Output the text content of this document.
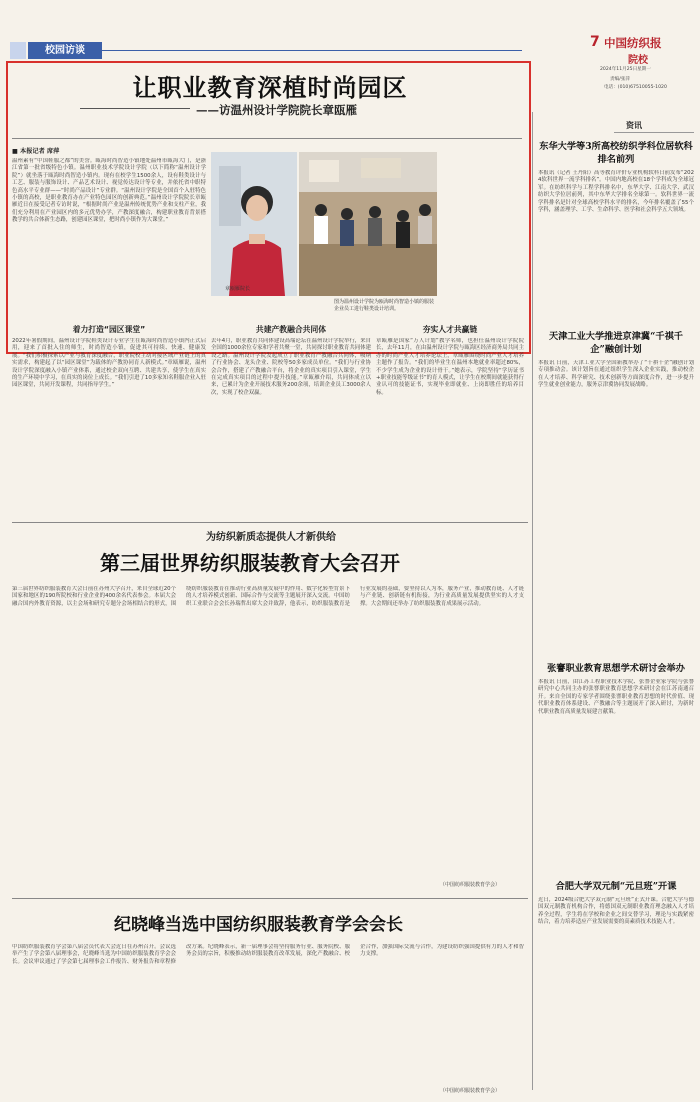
7 中国纺织报
院校
2024年11月25日星期一
责编/张萍
电话：(010)67510055-1020
校园访谈
让职业教育深植时尚园区
——访温州设计学院院长章瓯雁
■ 本报记者 席萍
温州素有“中国鞋服之都”的美誉。瓯海时尚智造小镇地处温州市瓯海大门，是浙江省第一批省级特色小镇。温州职业技术学院设计学院（以下简称“温州设计学院”）就坐落于瓯海时尚智造小镇内。现有在校学生1500余人，设有鞋类设计与工艺、服装与服饰设计、产品艺术设计、视觉传达设计等专业，并依托省中职特色高水平专业群——“时尚产品设计”专业群。“温州设计学院是全国首个入驻特色小镇的高校，是职业教育办在产业特色园区的创新典范。”温州设计学院院长章瓯雁近日在接受记者专访时说，“根据时尚产业是温州传统优势产业和支柱产业，我们充分利用在产业园区内的多元优势办学，产教深度融合，构建职业教育背景搭教学的共合体新生态路，创建园区课堂，把时尚小镇作为大课堂。”
章瓯雁院长
图为温州设计学院为瓯海时尚智造小镇的服装企业员工进行鞋类设计培训。
着力打造“园区课堂”
2022年暑假期间，温州设计学院鞋类设计专业学生在瓯海时尚智造小镇内正式启用，迎来了首批入住的师生，时尚智造小镇，促进其可持续、快速、健康发展。“我们积极探索以产业与教育深度融合，职业院校主动对接区域产业链上的真实需求，构建起了以“园区课堂”为载体的产教协同育人新模式。”章瓯雁说，温州设计学院深度融入小镇产业体系，通过校企双向互聘、共建共享，使学生在真实的生产环境中学习，在真实的岗位上成长。“我们引进了10多家知名鞋服企业入驻园区课堂，共同开发课程，共同指导学生。”
共建产教融合共同体
去年4月，职业教育共同体建设高端论坛在温州设计学院举行，来自全国的1000余位专家和学者共聚一堂，共同探讨职业教育共同体建设之路。温州设计学院发起成立了职业教育产教融合共同体，吸纳了行业协会、龙头企业、院校等50多家成员单位。“我们与行业协会合作，搭建了产教融合平台，将企业的真实项目引入课堂，学生在完成真实项目的过程中提升技能。”章瓯雁介绍，共同体成立以来，已累计为企业开展技术服务200余项，培训企业员工3000余人次，实现了校企双赢。
夯实人才共赢链
章瓯雁是国家“万人计划”教学名师，也担任温州设计学院院长，去年11月，在由温州设计学院与瓯海区经济商务局共同主办的时尚产业人才培养论坛上，章瓯雁围绕时尚产业人才培养主题作了报告。“我们的毕业生在温州本地就业率超过80%，不少学生成为企业的设计骨干。”她表示，学院坚持“学历证书+职业技能等级证书”的育人模式，让学生在校期间就能获得行业认可的技能证书，实现毕业即就业、上岗即胜任的培养目标。
资讯
东华大学等3所高校纺织学科位居软科排名前列
本报讯（记者 王丹阳）高等教育评价专业机构软科日前发布“2024软科世界一流学科排名”。中国内地高校在18个学科成为全球冠军。在纺织科学与工程学科排名中，东华大学、江南大学、武汉纺织大学位居前列，其中东华大学排名全球第一。软科世界一流学科排名是针对全球高校学科水平的排名，今年排名覆盖了55个学科，涵盖理学、工学、生命科学、医学和社会科学五大领域。
天津工业大学推进京津冀“千祺千企”融创计划
本报讯 日前，天津工业大学全国新教举办了“千祺千企”融创计划专项推动会。该计划旨在通过组织学生深入企业实践，推动校企在人才培养、科学研究、技术创新等方面深度合作，进一步提升学生就业创业能力，服务京津冀协同发展战略。
张謇职业教育思想学术研讨会举办
本报讯 日前，由江苏工程职业技术学院、张謇企业家学院与张謇研究中心共同主办的张謇职业教育思想学术研讨会在江苏南通召开。来自全国的专家学者围绕张謇职业教育思想的时代价值、现代职业教育体系建设、产教融合等主题展开了深入研讨，为新时代职业教育高质量发展建言献策。
合肥大学双元制“元旦班”开课
近日，2024级合肥大学双元制“元旦班”正式开课。合肥大学与德国双元制教育机构合作，将德国双元制职业教育理念融入人才培养全过程，学生将在学校和企业之间交替学习，理论与实践紧密结合，着力培养适应产业发展需要的高素质技术技能人才。
为纺织新质态提供人才新供给
第三届世界纺织服装教育大会召开
第三届世界纺织服装教育大会日前在苏州大学召开，来自全球近20个国家和地区的190所院校和行业企业的400余名代表参会。本届大会融合国内外教育资源，以主会场和研究专题分会场相结合的形式，围绕纺织服装教育在推动行业高质量发展中的作用、数字化转型背景下的人才培养模式创新、国际合作与交流等主题展开深入交流。中国纺织工业联合会会长孙瑞哲出席大会并致辞，他表示，纺织服装教育是行业发展的基础，要坚持以人为本，服务产业，推动教育链、人才链与产业链、创新链有机衔接，为行业高质量发展提供坚实的人才支撑。大会期间还举办了纺织服装教育成果展示活动。
（中国纺织服装教育学会）
纪晓峰当选中国纺织服装教育学会会长
中国纺织服装教育学会第八届会员代表大会近日在苏州召开。会议选举产生了学会第八届理事会，纪晓峰当选为中国纺织服装教育学会会长。会议审议通过了学会第七届理事会工作报告、财务报告和章程修改方案。纪晓峰表示，新一届理事会将坚持服务行业、服务院校、服务会员的宗旨，积极推动纺织服装教育改革发展，深化产教融合、校企合作，加强国际交流与合作，为建设纺织强国提供有力的人才和智力支撑。
（中国纺织服装教育学会）
